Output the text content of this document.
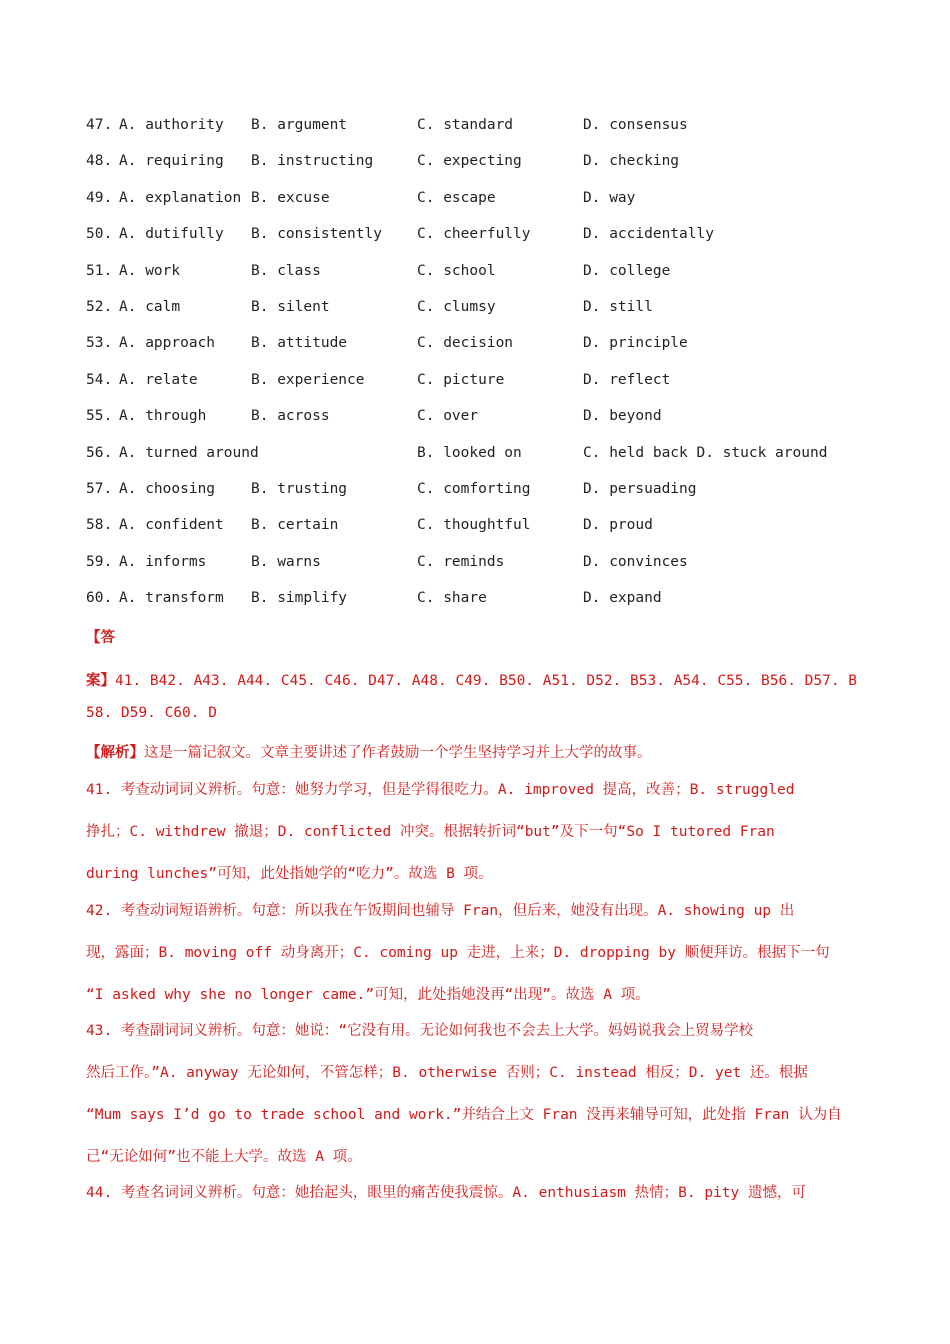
47. A. authority B. argument	C. standard	D. consensus
48. A. requiring B. instructing	C. expecting	D. checking
49. A. explanation B. excuse	C. escape	D. way
50. A. dutifully B. consistently C. cheerfully	D. accidentally
51. A. work	B. class	C. school	D. college
52. A. calm	B. silent	C. clumsy	D. still
53. A. approach B. attitude	C. decision	D. principle
54. A. relate	B. experience	C. picture	D. reflect
55. A. through	B. across	C. over	D. beyond
56. A. turned around	B. looked on	C. held back D. stuck around
57. A. choosing B. trusting	C. comforting	D. persuading
58. A. confident B. certain	C. thoughtful	D. proud
59. A. informs	B. warns	C. reminds	D. convinces
60. A. transform B. simplify	C. share	D. expand
【答
案】41. B42. A43. A44. C45. C46. D47. A48. C49. B50. A51. D52. B53. A54. C55. B56. D57. B
58. D59. C60. D
【解析】这是一篇记叙文。文章主要讲述了作者鼓励一个学生坚持学习并上大学的故事。
41. 考查动词词义辨析。句意：她努力学习，但是学得很吃力。A. improved 提高，改善；B. struggled
挣扎；C. withdrew 撤退；D. conflicted 冲突。根据转折词“but”及下一句“So I tutored Fran
during lunches”可知，此处指她学的“吃力”。故选 B 项。
42. 考查动词短语辨析。句意：所以我在午饭期间也辅导 Fran，但后来，她没有出现。A. showing up 出
现，露面；B. moving off 动身离开；C. coming up 走进，上来；D. dropping by 顺便拜访。根据下一句
“I asked why she no longer came.”可知，此处指她没再“出现”。故选 A 项。
43. 考查副词词义辨析。句意：她说：“它没有用。无论如何我也不会去上大学。妈妈说我会上贸易学校
然后工作。”A. anyway 无论如何，不管怎样；B. otherwise 否则；C. instead 相反；D. yet 还。根据
“Mum says I’d go to trade school and work.”并结合上文 Fran 没再来辅导可知，此处指 Fran 认为自
己“无论如何”也不能上大学。故选 A 项。
44. 考查名词词义辨析。句意：她抬起头，眼里的痛苦使我震惊。A. enthusiasm 热情；B. pity 遗憾，可
